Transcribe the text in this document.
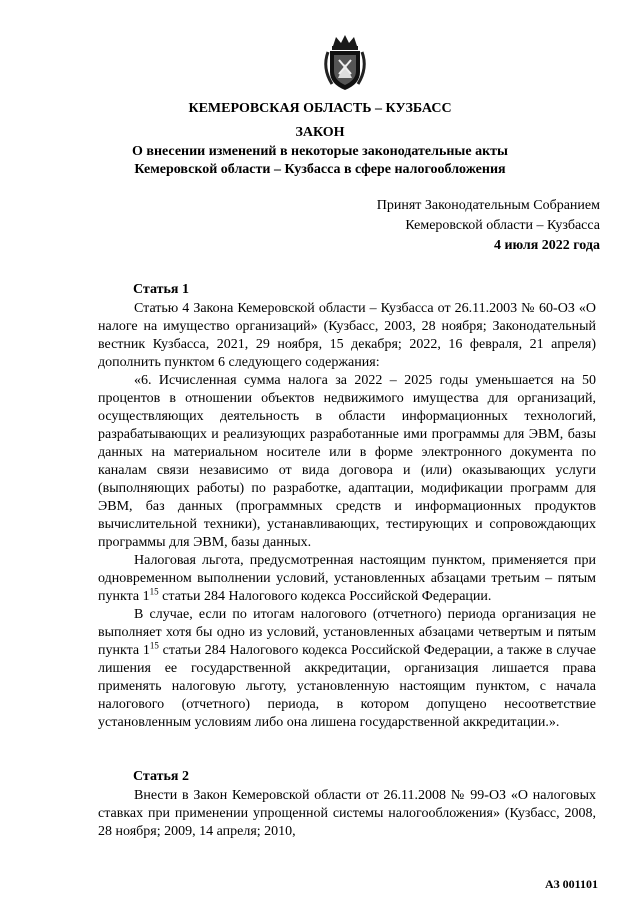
КЕМЕРОВСКАЯ ОБЛАСТЬ – КУЗБАСС
ЗАКОН
О внесении изменений в некоторые законодательные акты
Кемеровской области – Кузбасса в сфере налогообложения
Принят Законодательным Собранием
Кемеровской области – Кузбасса
4 июля 2022 года
Статья 1

Статью 4 Закона Кемеровской области – Кузбасса от 26.11.2003 № 60-ОЗ «О налоге на имущество организаций» (Кузбасс, 2003, 28 ноября; Законодательный вестник Кузбасса, 2021, 29 ноября, 15 декабря; 2022, 16 февраля, 21 апреля) дополнить пунктом 6 следующего содержания:

«6. Исчисленная сумма налога за 2022 – 2025 годы уменьшается на 50 процентов в отношении объектов недвижимого имущества для организаций, осуществляющих деятельность в области информационных технологий, разрабатывающих и реализующих разработанные ими программы для ЭВМ, базы данных на материальном носителе или в форме электронного документа по каналам связи независимо от вида договора и (или) оказывающих услуги (выполняющих работы) по разработке, адаптации, модификации программ для ЭВМ, баз данных (программных средств и информационных продуктов вычислительной техники), устанавливающих, тестирующих и сопровождающих программы для ЭВМ, базы данных.

Налоговая льгота, предусмотренная настоящим пунктом, применяется при одновременном выполнении условий, установленных абзацами третьим – пятым пункта $1^{15}$ статьи 284 Налогового кодекса Российской Федерации.

В случае, если по итогам налогового (отчетного) периода организация не выполняет хотя бы одно из условий, установленных абзацами четвертым и пятым пункта $1^{15}$ статьи 284 Налогового кодекса Российской Федерации, а также в случае лишения ее государственной аккредитации, организация лишается права применять налоговую льготу, установленную настоящим пунктом, с начала налогового (отчетного) периода, в котором допущено несоответствие установленным условиям либо она лишена государственной аккредитации.».

Статья 2

Внести в Закон Кемеровской области от 26.11.2008 № 99-ОЗ «О налоговых ставках при применении упрощенной системы налогообложения» (Кузбасс, 2008, 28 ноября; 2009, 14 апреля; 2010,

АЗ 001101
